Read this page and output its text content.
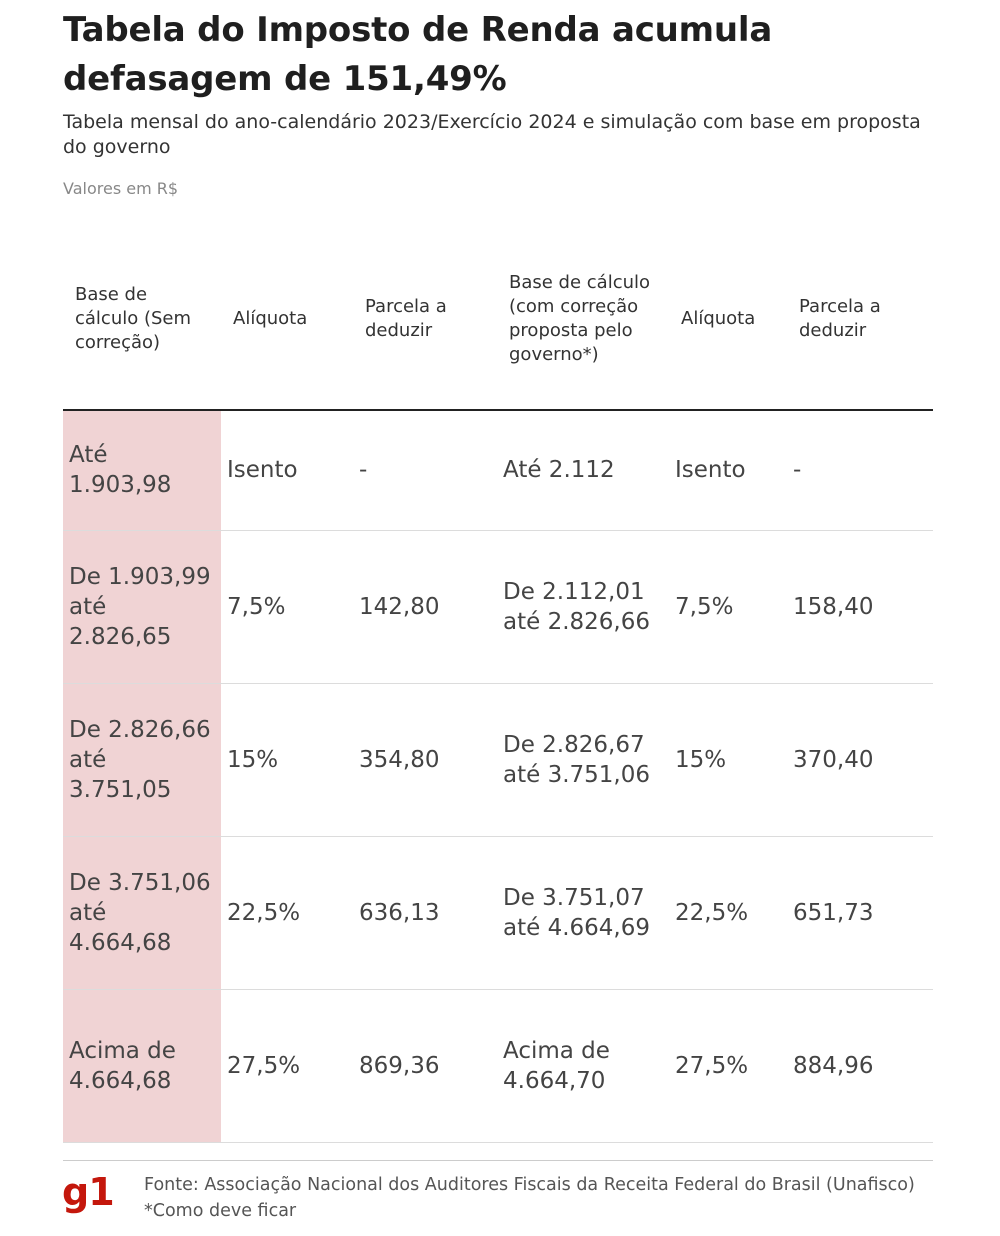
Tabela do Imposto de Renda acumula defasagem de 151,49%

Tabela mensal do ano-calendário 2023/Exercício 2024 e simulação com base em proposta do governo

Valores em R$
Base de cálculo (Sem correção)	Alíquota	Parcela a deduzir	Base de cálculo (com correção proposta pelo governo*)	Alíquota	Parcela a deduzir
Até 1.903,98	Isento	-	Até 2.112	Isento	-
De 1.903,99 até 2.826,65	7,5%	142,80	De 2.112,01 até 2.826,66	7,5%	158,40
De 2.826,66 até 3.751,05	15%	354,80	De 2.826,67 até 3.751,06	15%	370,40
De 3.751,06 até 4.664,68	22,5%	636,13	De 3.751,07 até 4.664,69	22,5%	651,73
Acima de 4.664,68	27,5%	869,36	Acima de 4.664,70	27,5%	884,96
g1 Fonte: Associação Nacional dos Auditores Fiscais da Receita Federal do Brasil (Unafisco)
*Como deve ficar
